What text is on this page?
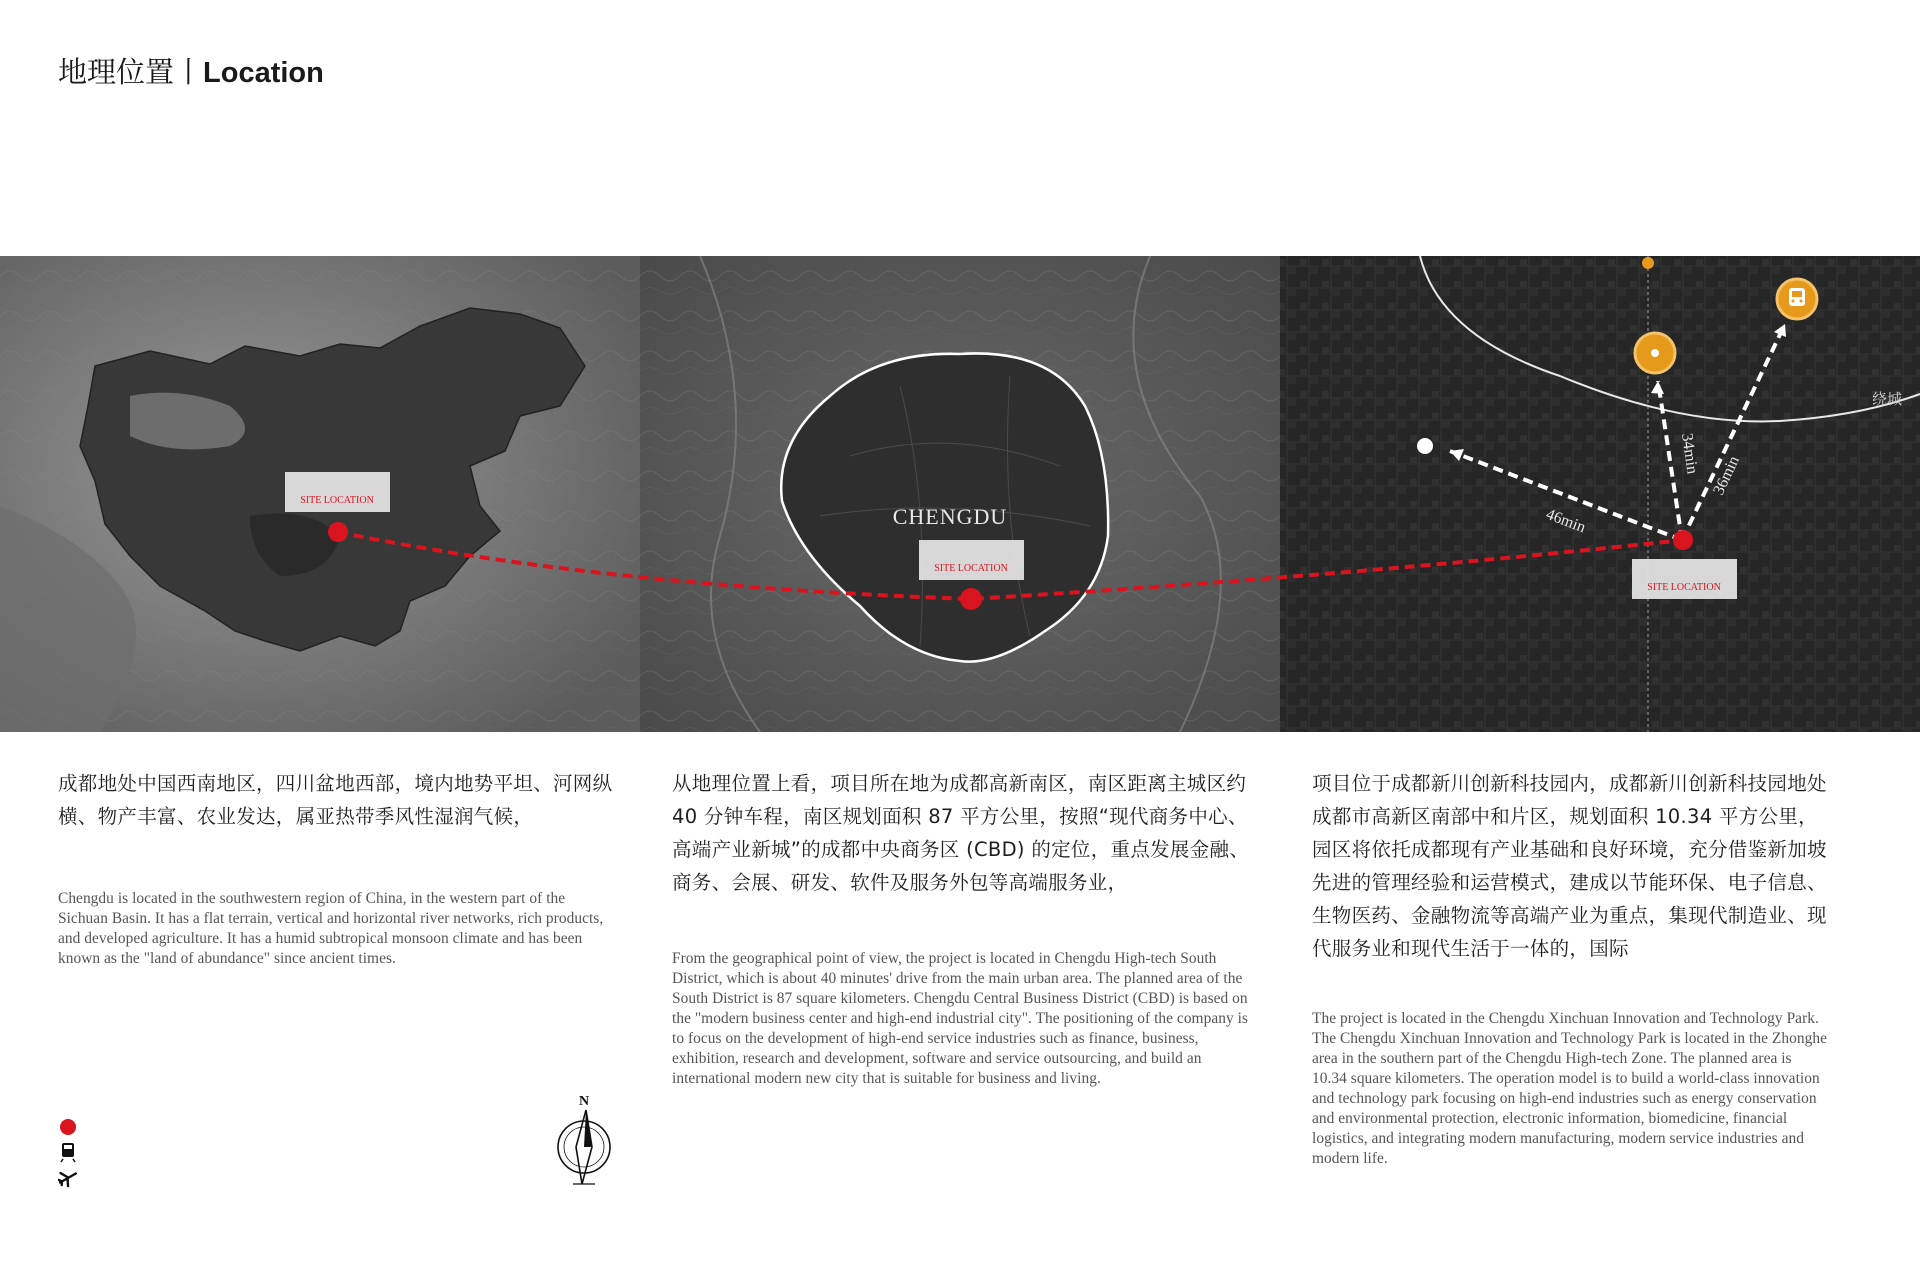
地理位置丨Location
SITE LOCATION
CHENGDU
SITE LOCATION
绕城
46min
34min 36min
SITE LOCATION
成都地处中国西南地区，四川盆地西部，境内地势平坦、河网纵横、物产丰富、农业发达，属亚热带季风性湿润气候，
Chengdu is located in the southwestern region of China, in the western part of the Sichuan Basin. It has a flat terrain, vertical and horizontal river networks, rich products, and developed agriculture. It has a humid subtropical monsoon climate and has been known as the "land of abundance" since ancient times.
从地理位置上看，项目所在地为成都高新南区，南区距离主城区约 40 分钟车程，南区规划面积 87 平方公里，按照“现代商务中心、高端产业新城”的成都中央商务区 (CBD) 的定位，重点发展金融、商务、会展、研发、软件及服务外包等高端服务业，
From the geographical point of view, the project is located in Chengdu High-tech South District, which is about 40 minutes' drive from the main urban area. The planned area of the South District is 87 square kilometers. Chengdu Central Business District (CBD) is based on the "modern business center and high-end industrial city". The positioning of the company is to focus on the development of high-end service industries such as finance, business, exhibition, research and development, software and service outsourcing, and build an international modern new city that is suitable for business and living.
项目位于成都新川创新科技园内，成都新川创新科技园地处成都市高新区南部中和片区，规划面积 10.34 平方公里，园区将依托成都现有产业基础和良好环境，充分借鉴新加坡先进的管理经验和运营模式，建成以节能环保、电子信息、生物医药、金融物流等高端产业为重点，集现代制造业、现代服务业和现代生活于一体的，国际
The project is located in the Chengdu Xinchuan Innovation and Technology Park. The Chengdu Xinchuan Innovation and Technology Park is located in the Zhonghe area in the southern part of the Chengdu High-tech Zone. The planned area is 10.34 square kilometers. The operation model is to build a world-class innovation and technology park focusing on high-end industries such as energy conservation and environmental protection, electronic information, biomedicine, financial logistics, and integrating modern manufacturing, modern service industries and modern life.
N
